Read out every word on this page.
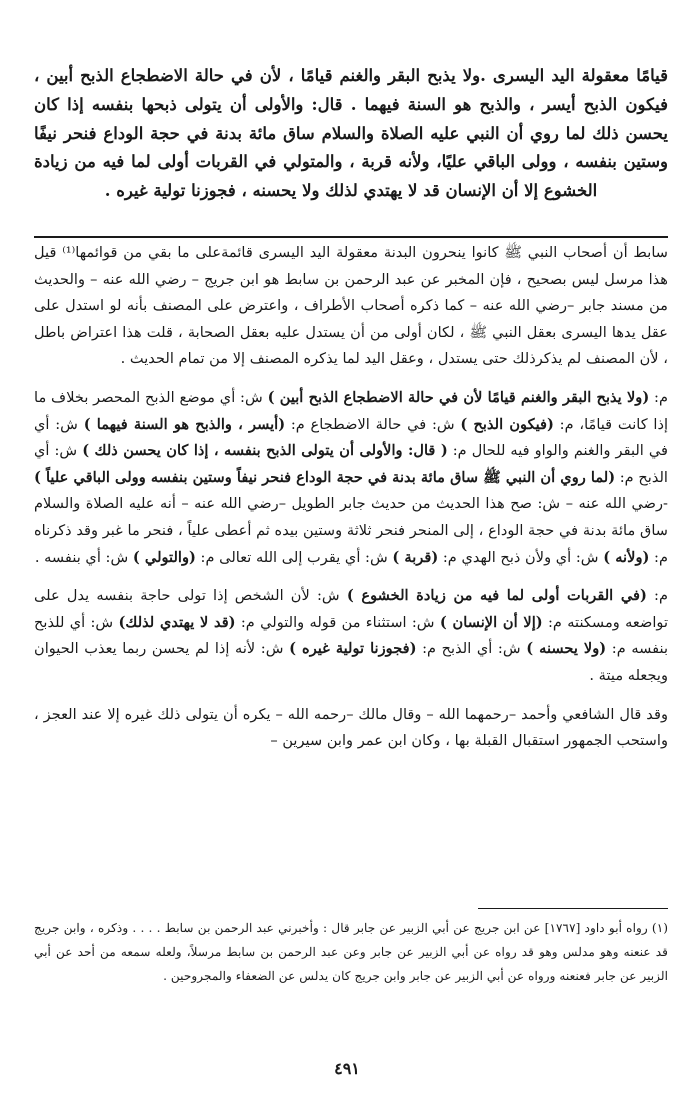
قيامًا معقولة اليد اليسرى .ولا يذبح البقر والغنم قيامًا ، لأن في حالة الاضطجاع الذبح أبين ، فيكون الذبح أيسر ، والذبح هو السنة فيهما . قال: والأولى أن يتولى ذبحها بنفسه إذا كان يحسن ذلك لما روي أن النبي عليه الصلاة والسلام ساق مائة بدنة في حجة الوداع فنحر نيفًا وستين بنفسه ، وولى الباقي عليًا، ولأنه قربة ، والمتولي في القربات أولى لما فيه من زيادة الخشوع إلا أن الإنسان قد لا يهتدي لذلك ولا يحسنه ، فجوزنا تولية غيره .

سابط أن أصحاب النبي ﷺ كانوا ينحرون البدنة معقولة اليد اليسرى قائمةعلى ما بقي من قوائمها⁽¹⁾ قيل هذا مرسل ليس بصحيح ، فإن المخبر عن عبد الرحمن بن سابط هو ابن جريج – رضي الله عنه – والحديث من مسند جابر –رضي الله عنه – كما ذكره أصحاب الأطراف ، واعترض على المصنف بأنه لو استدل على عقل يدها اليسرى بعقل النبي ﷺ ، لكان أولى من أن يستدل عليه بعقل الصحابة ، قلت هذا اعتراض باطل ، لأن المصنف لم يذكرذلك حتى يستدل ، وعقل اليد لما يذكره المصنف إلا من تمام الحديث .

م: (ولا يذبح البقر والغنم قيامًا لأن في حالة الاضطجاع الذبح أبين ) ش: أي موضع الذبح المحصر بخلاف ما إذا كانت قيامًا، م: (فيكون الذبح ) ش: في حالة الاضطجاع م: (أيسر ، والذبح هو السنة فيهما ) ش: أي في البقر والغنم والواو فيه للحال م: ( قال: والأولى أن يتولى الذبح بنفسه ، إذا كان يحسن ذلك ) ش: أي الذبح م: (لما روي أن النبي ﷺ ساق مائة بدنة في حجة الوداع فنحر نيفاً وستين بنفسه وولى الباقي علياً ) -رضي الله عنه – ش: صح هذا الحديث من حديث جابر الطويل –رضي الله عنه – أنه عليه الصلاة والسلام ساق مائة بدنة في حجة الوداع ، إلى المنحر فنحر ثلاثة وستين بيده ثم أعطى علياً ، فنحر ما غبر وقد ذكرناه م: (ولأنه ) ش: أي ولأن ذبح الهدي م: (قربة ) ش: أي يقرب إلى الله تعالى م: (والتولي ) ش: أي بنفسه .

م: (في القربات أولى لما فيه من زيادة الخشوع ) ش: لأن الشخص إذا تولى حاجة بنفسه يدل على تواضعه ومسكنته م: (إلا أن الإنسان ) ش: استثناء من قوله والتولي م: (قد لا يهتدي لذلك) ش: أي للذبح بنفسه م: (ولا يحسنه ) ش: أي الذبح م: (فجوزنا تولية غيره ) ش: لأنه إذا لم يحسن ربما يعذب الحيوان ويجعله ميتة .

وقد قال الشافعي وأحمد –رحمهما الله – وقال مالك –رحمه الله – يكره أن يتولى ذلك غيره إلا عند العجز ، واستحب الجمهور استقبال القبلة بها ، وكان ابن عمر وابن سيرين –

(١) رواه أبو داود [١٧٦٧] عن ابن جريج عن أبي الزبير عن جابر قال : وأخبرني عبد الرحمن بن سابط . . . . وذكره ، وابن جريج قد عنعنه وهو مدلس وهو قد رواه عن أبي الزبير عن جابر وعن عبد الرحمن بن سابط مرسلاً، ولعله سمعه من أحد عن أبي الزبير عن جابر فعنعنه ورواه عن أبي الزبير عن جابر وابن جريج كان يدلس عن الضعفاء والمجروحين .

٤٩١
